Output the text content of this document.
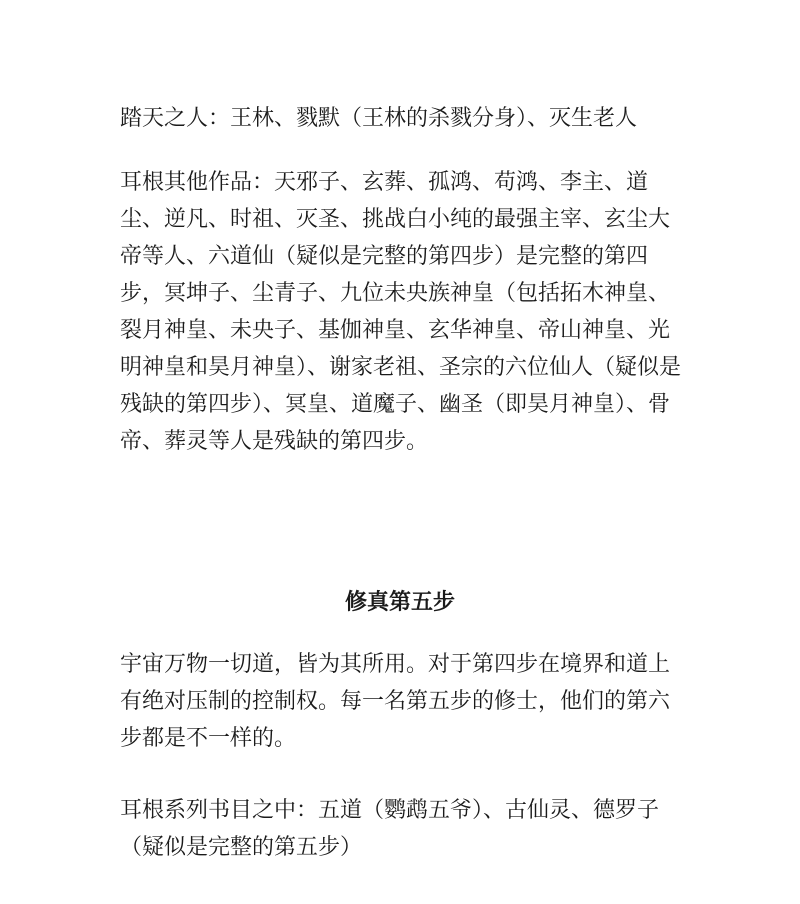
踏天之人：王林、戮默（王林的杀戮分身）、灭生老人

耳根其他作品：天邪子、玄葬、孤鸿、苟鸿、李主、道尘、逆凡、时祖、灭圣、挑战白小纯的最强主宰、玄尘大帝等人、六道仙（疑似是完整的第四步）是完整的第四步，冥坤子、尘青子、九位未央族神皇（包括拓木神皇、裂月神皇、未央子、基伽神皇、玄华神皇、帝山神皇、光明神皇和昊月神皇）、谢家老祖、圣宗的六位仙人（疑似是残缺的第四步）、冥皇、道魔子、幽圣（即昊月神皇）、骨帝、葬灵等人是残缺的第四步。

修真第五步

宇宙万物一切道，皆为其所用。对于第四步在境界和道上有绝对压制的控制权。每一名第五步的修士，他们的第六步都是不一样的。

耳根系列书目之中：五道（鹦鹉五爷）、古仙灵、德罗子（疑似是完整的第五步）
